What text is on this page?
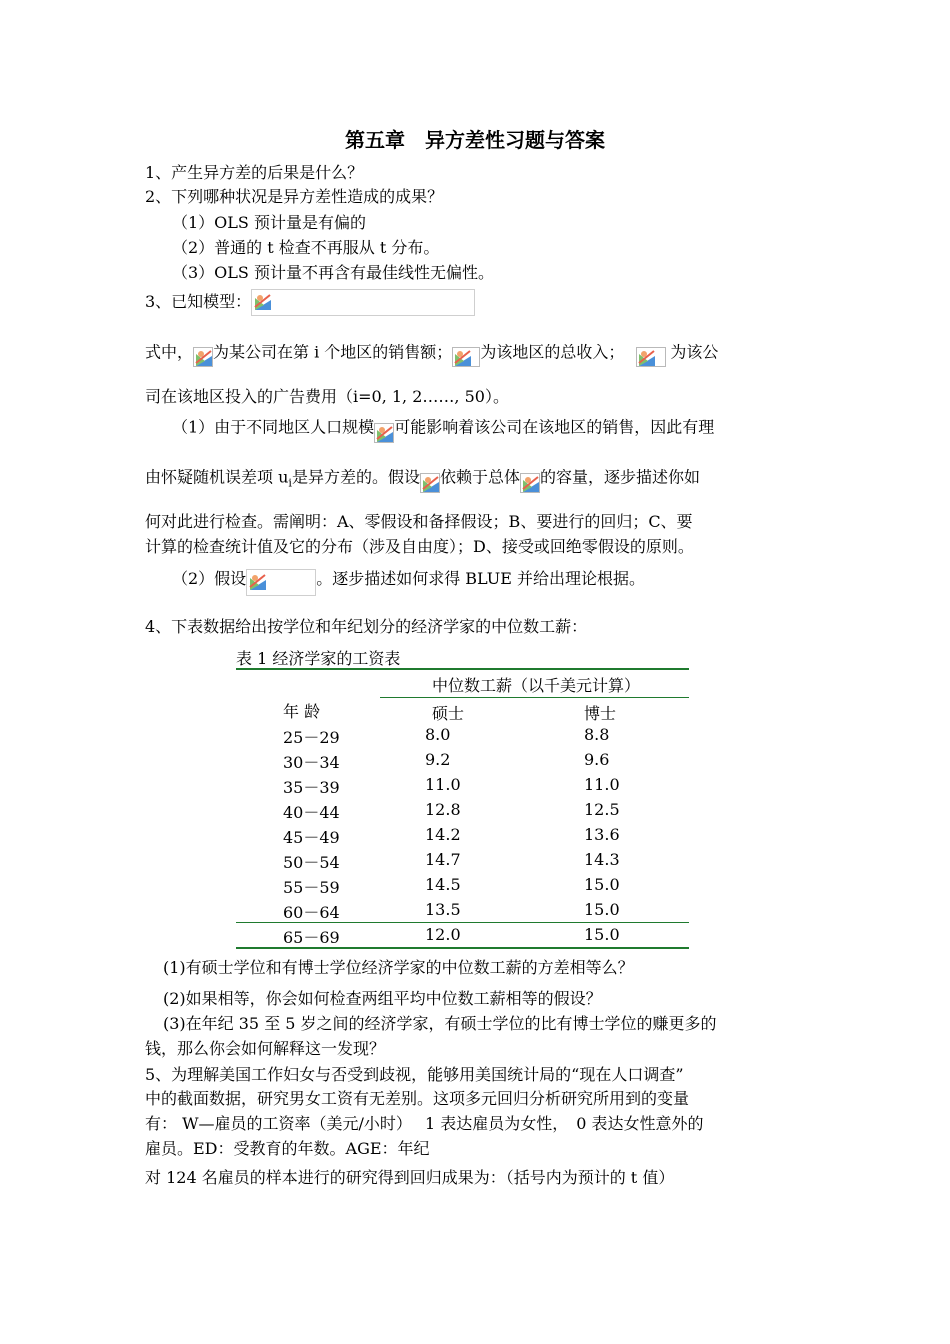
第五章　异方差性习题与答案
1、产生异方差的后果是什么？
2、下列哪种状况是异方差性造成的成果？
（1）OLS 预计量是有偏的
（2）普通的 t 检查不再服从 t 分布。
（3）OLS 预计量不再含有最佳线性无偏性。
3、已知模型：
式中， 为某公司在第 i 个地区的销售额； 为该地区的总收入；	为该公
司在该地区投入的广告费用（i=0, 1, 2……, 50）。
（1）由于不同地区人口规模 可能影响着该公司在该地区的销售，因此有理
由怀疑随机误差项 $u_i$是异方差的。假设 依赖于总体 的容量，逐步描述你如
何对此进行检查。需阐明：A、零假设和备择假设；B、要进行的回归；C、要
计算的检查统计值及它的分布（涉及自由度）；D、接受或回绝零假设的原则。
（2）假设	。逐步描述如何求得 BLUE 并给出理论根据。
4、下表数据给出按学位和年纪划分的经济学家的中位数工薪：
表 1 经济学家的工资表
中位数工薪（以千美元计算）
年 龄	硕士	博士
25－29	8.0	8.8
30－34	9.2	9.6
35－39	11.0	11.0
40－44	12.8	12.5
45－49	14.2	13.6
50－54	14.7	14.3
55－59	14.5	15.0
60－64	13.5	15.0
65－69	12.0	15.0
(1)有硕士学位和有博士学位经济学家的中位数工薪的方差相等么？
(2)如果相等，你会如何检查两组平均中位数工薪相等的假设？
(3)在年纪 35 至 5 岁之间的经济学家，有硕士学位的比有博士学位的赚更多的
钱，那么你会如何解释这一发现？
5、为理解美国工作妇女与否受到歧视，能够用美国统计局的“现在人口调查”
中的截面数据，研究男女工资有无差别。这项多元回归分析研究所用到的变量
有： W—雇员的工资率（美元/小时）　 1 表达雇员为女性，　0 表达女性意外的
雇员。ED：受教育的年数。AGE：年纪
对 124 名雇员的样本进行的研究得到回归成果为：（括号内为预计的 t 值）
